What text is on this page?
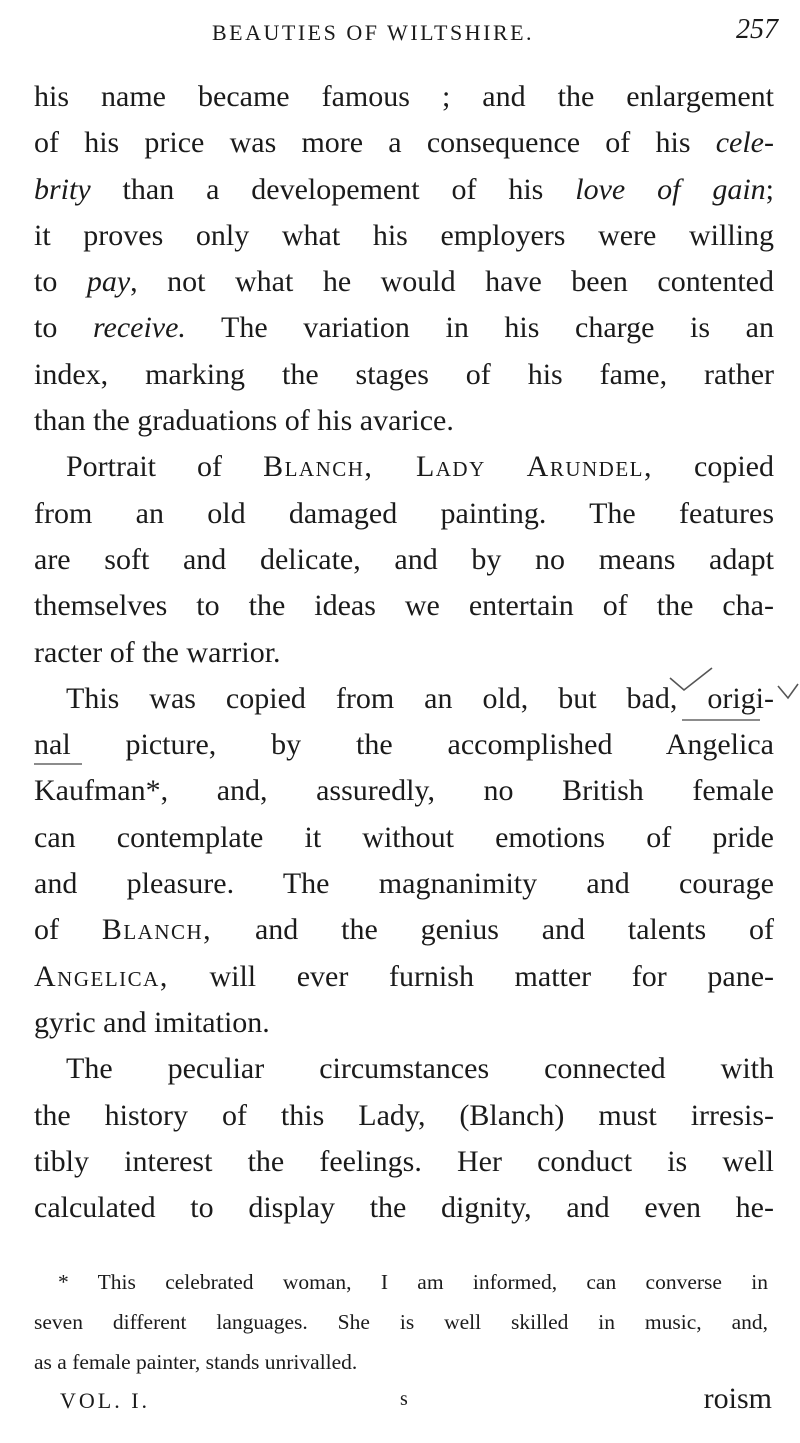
BEAUTIES OF WILTSHIRE.	257
his name became famous ; and the enlargement
of his price was more a consequence of his cele-
brity than a developement of his love of gain;
it proves only what his employers were willing
to pay, not what he would have been contented
to receive. The variation in his charge is an
index, marking the stages of his fame, rather
than the graduations of his avarice.
Portrait of Blanch, Lady Arundel, copied
from an old damaged painting. The features
are soft and delicate, and by no means adapt
themselves to the ideas we entertain of the cha-
racter of the warrior.
This was copied from an old, but bad, origi-
nal picture, by the accomplished Angelica
Kaufman*, and, assuredly, no British female
can contemplate it without emotions of pride
and pleasure. The magnanimity and courage
of Blanch, and the genius and talents of
Angelica, will ever furnish matter for pane-
gyric and imitation.
The peculiar circumstances connected with
the history of this Lady, (Blanch) must irresis-
tibly interest the feelings. Her conduct is well
calculated to display the dignity, and even he-
* This celebrated woman, I am informed, can converse in
seven different languages. She is well skilled in music, and,
as a female painter, stands unrivalled.
VOL. I.	s	roism
